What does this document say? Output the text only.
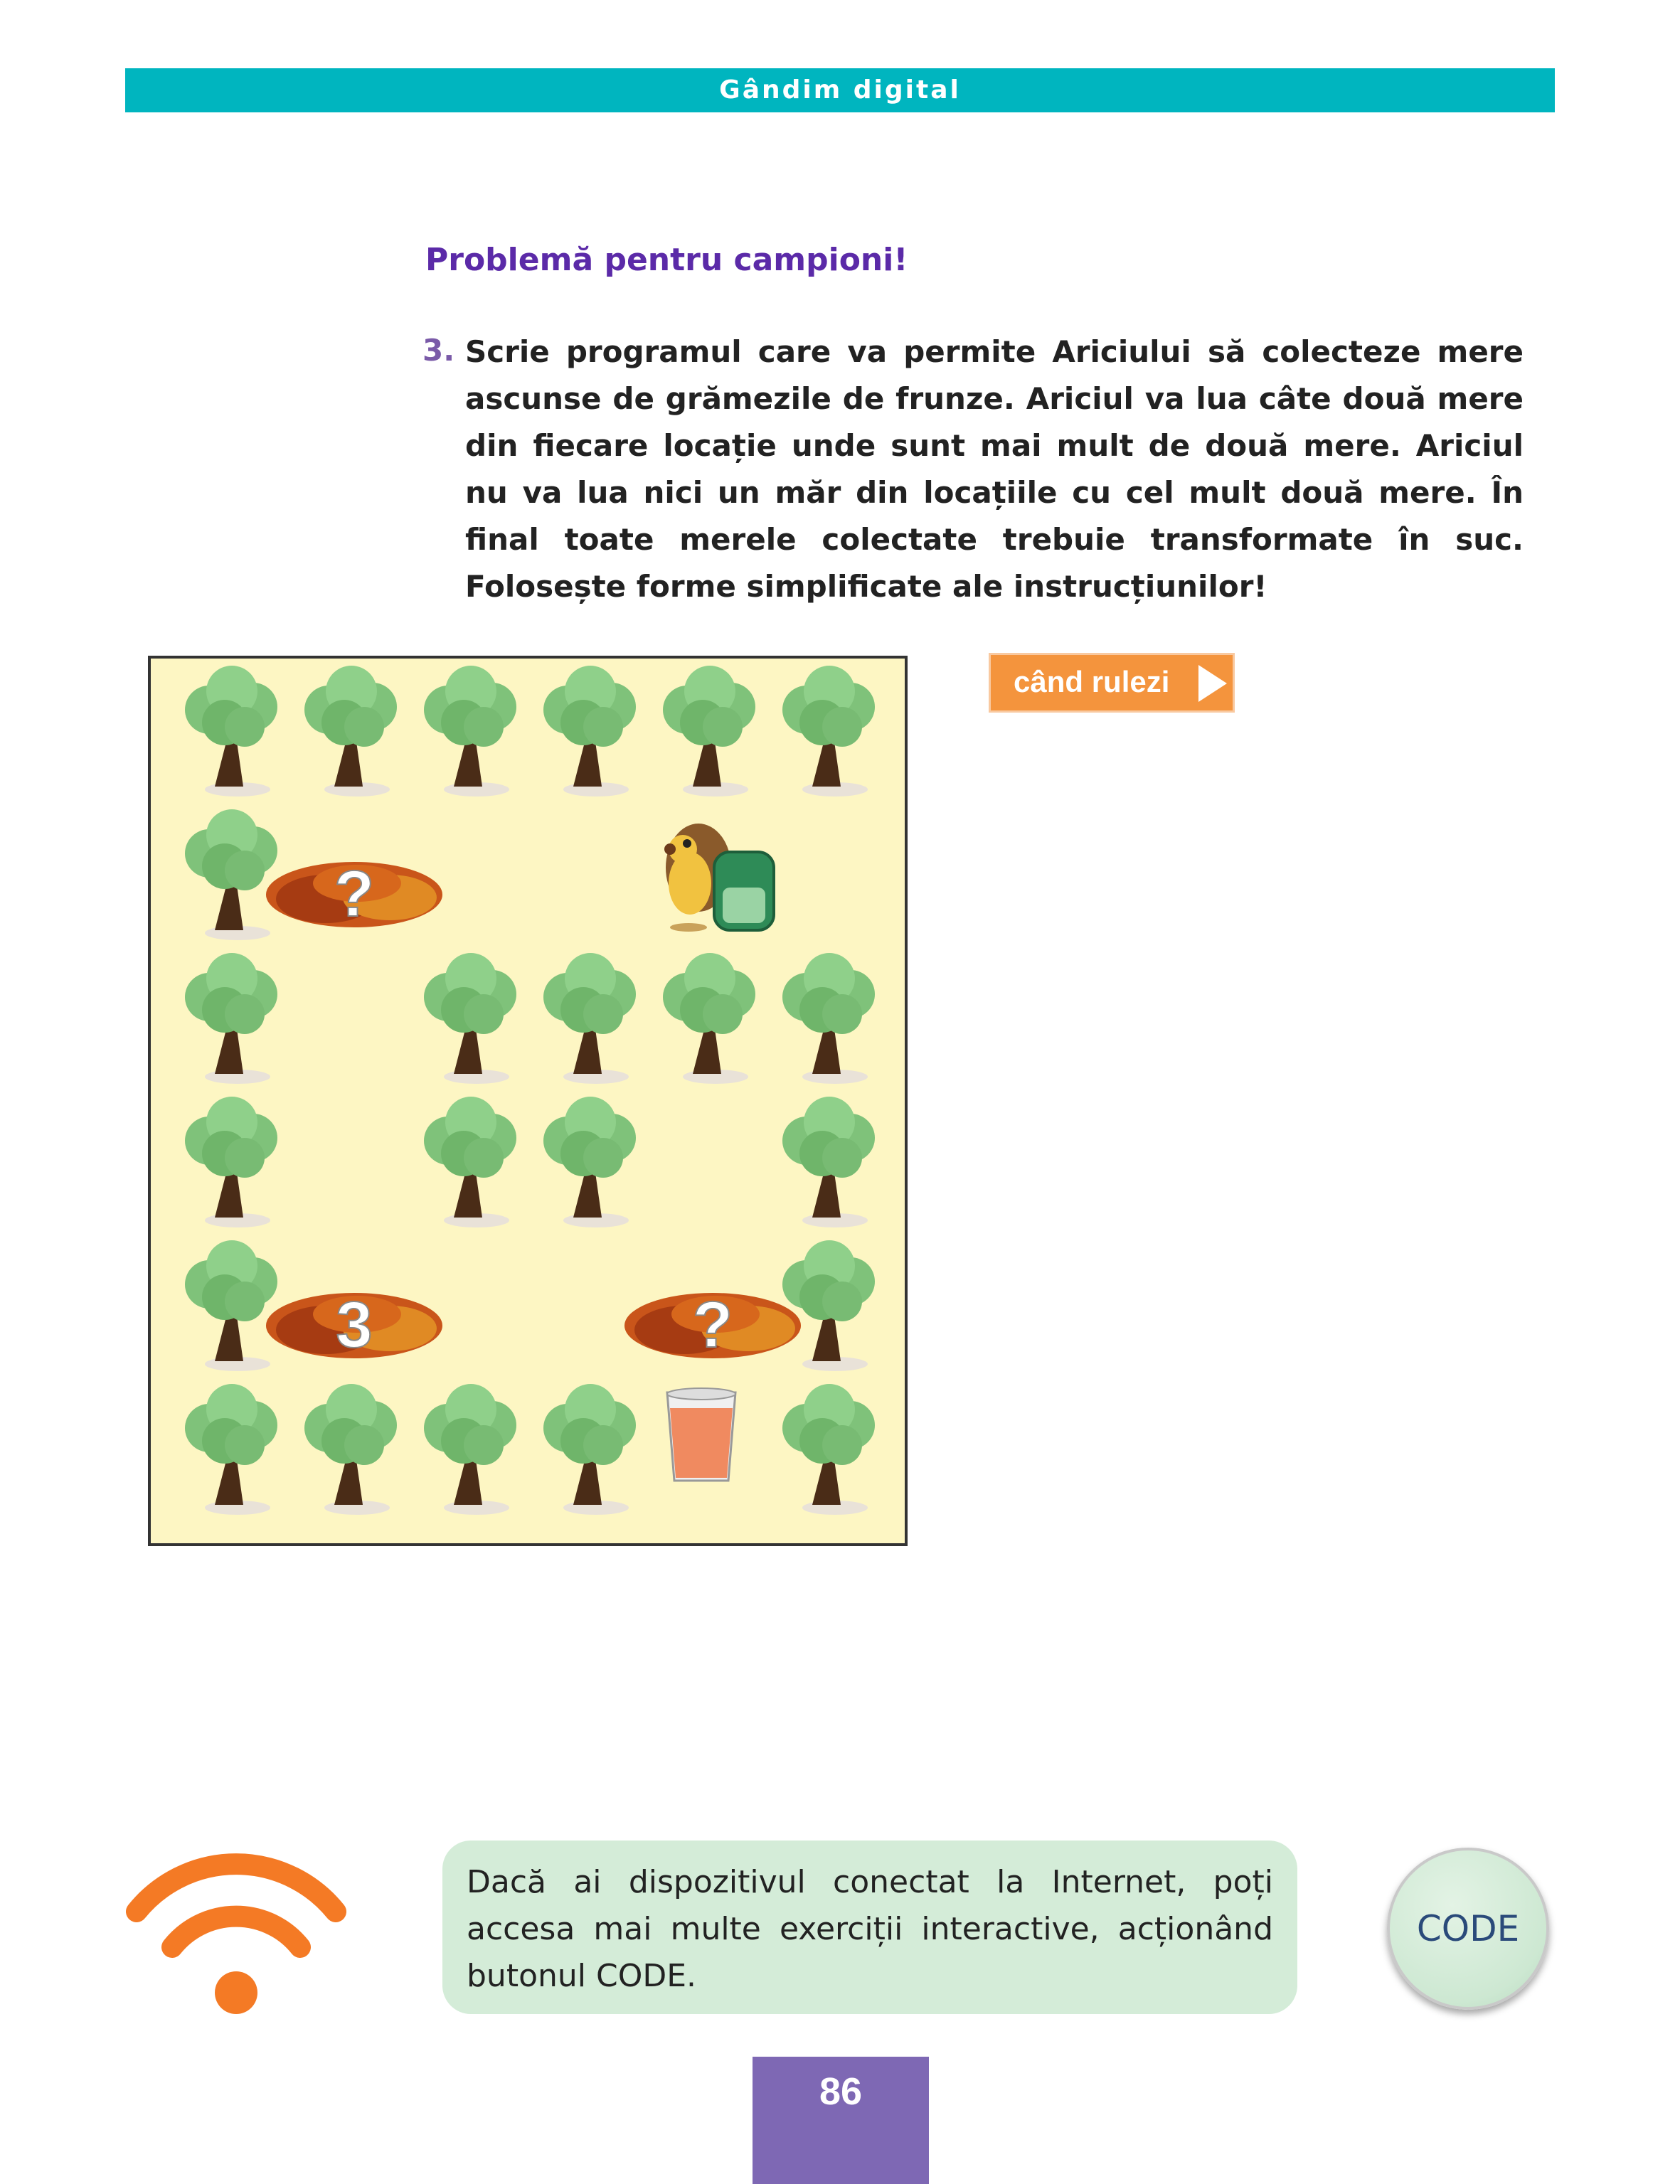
Gândim digital
Problemă pentru campioni!
3. Scrie programul care va permite Ariciului să colecteze mere ascunse de grămezile de frunze. Ariciul va lua câte două mere din fiecare locație unde sunt mai mult de două mere. Ariciul nu va lua nici un măr din locațiile cu cel mult două mere. În final toate merele colectate trebuie transformate în suc. Folosește forme simplificate ale instrucțiunilor!
?
3	?
când rulezi
Dacă ai dispozitivul conectat la Internet, poți accesa mai multe exerciții interactive, acționând butonul CODE.
CODE
86
